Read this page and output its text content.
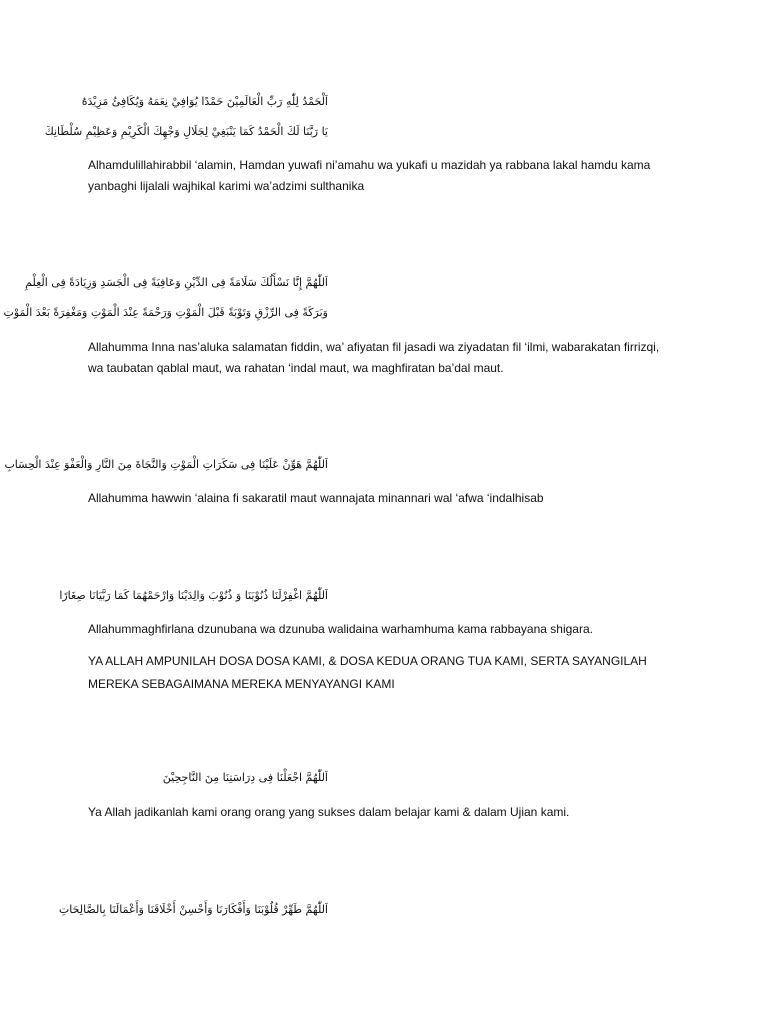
اَلْحَمْدُ لِلّٰهِ رَبِّ الْعَالَمِيْنَ حَمْدًا يُوَافِيْ نِعَمَهُ وَيُكَافِئُ مَزِيْدَهُ
يَا رَبَّنَا لَكَ الْحَمْدُ كَمَا يَنْبَغِيْ لِجَلَالِ وَجْهِكَ الْكَرِيْمِ وَعَظِيْمِ سُلْطَانِكَ

Alhamdulillahirabbil ‘alamin, Hamdan yuwafi ni’amahu wa yukafi u mazidah ya rabbana lakal hamdu kama yanbaghi lijalali wajhikal karimi wa’adzimi sulthanika

اَللّٰهُمَّ إِنَّا نَسْأَلُكَ سَلَامَةً فِى الدِّيْنِ وَعَافِيَةً فِى الْجَسَدِ وَزِيَادَةً فِى الْعِلْمِ
وَبَرَكَةً فِى الرِّزْقِ وَتَوْبَةً قَبْلَ الْمَوْتِ وَرَحْمَةً عِنْدَ الْمَوْتِ وَمَغْفِرَةً بَعْدَ الْمَوْتِ

Allahumma Inna nas’aluka salamatan fiddin, wa’ afiyatan fil jasadi wa ziyadatan fil ‘ilmi, wabarakatan firrizqi, wa taubatan qablal maut, wa rahatan ‘indal maut, wa maghfiratan ba’dal maut.

اَللّٰهُمَّ هَوِّنْ عَلَيْنَا فِى سَكَرَاتِ الْمَوْتِ وَالنَّجَاةَ مِنَ النَّارِ وَالْعَفْوَ عِنْدَ الْحِسَابِ

Allahumma hawwin ‘alaina fi sakaratil maut wannajata minannari wal ‘afwa ‘indalhisab

اَللّٰهُمَّ اغْفِرْلَنَا ذُنُوْبَنَا وَ ذُنُوْبَ وَالِدَيْنَا وَارْحَمْهُمَا كَمَا رَبَّيَانَا صِغَارًا

Allahummaghfirlana dzunubana wa dzunuba walidaina warhamhuma kama rabbayana shigara.

YA ALLAH AMPUNILAH DOSA DOSA KAMI, & DOSA KEDUA ORANG TUA KAMI, SERTA SAYANGILAH MEREKA SEBAGAIMANA MEREKA MENYAYANGI KAMI

اَللّٰهُمَّ اجْعَلْنَا فِى دِرَاسَتِنَا مِنَ النَّاجِحِيْنَ

Ya Allah jadikanlah kami orang orang yang sukses dalam belajar kami & dalam Ujian kami.

اَللّٰهُمَّ طَهِّرْ قُلُوْبَنَا وَأَفْكَارَنَا وَأَحْسِنْ أَخْلَاقَنَا وَأَعْمَالَنَا بِالصَّالِحَاتِ
